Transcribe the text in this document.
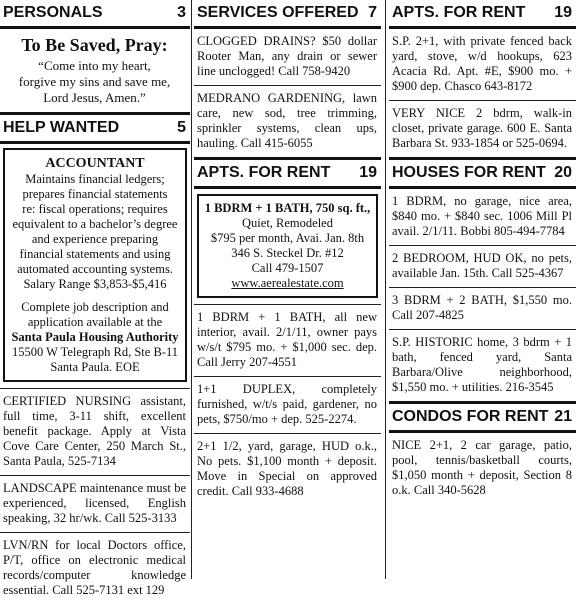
PERSONALS	3
To Be Saved, Pray:
“Come into my heart,
forgive my sins and save me,
Lord Jesus, Amen.”
HELP WANTED	5
ACCOUNTANT
Maintains financial ledgers;
prepares financial statements
re: fiscal operations; requires
equivalent to a bachelor’s degree
and experience preparing
financial statements and using
automated accounting systems.
Salary Range $3,853-$5,416
Complete job description and
application available at the
Santa Paula Housing Authority
15500 W Telegraph Rd, Ste B-11
Santa Paula. EOE
CERTIFIED NURSING assistant, full time, 3-11 shift, excellent benefit package. Apply at Vista Cove Care Center, 250 March St., Santa Paula, 525-7134
LANDSCAPE maintenance must be experienced, licensed, English speaking, 32 hr/wk. Call 525-3133
LVN/RN for local Doctors office, P/T, office on electronic medical records/computer knowledge essential. Call 525-7131 ext 129
SERVICES OFFERED 7
CLOGGED DRAINS? $50 dollar Rooter Man, any drain or sewer line unclogged! Call 758-9420
MEDRANO GARDENING, lawn care, new sod, tree trimming, sprinkler systems, clean ups, hauling. Call 415-6055
APTS. FOR RENT 19
1 BDRM + 1 BATH, 750 sq. ft.,
Quiet, Remodeled
$795 per month, Avai. Jan. 8th
346 S. Steckel Dr. #12
Call 479-1507
www.aerealestate.com
1 BDRM + 1 BATH, all new interior, avail. 2/1/11, owner pays w/s/t $795 mo. + $1,000 sec. dep. Call Jerry 207-4551
1+1 DUPLEX, completely furnished, w/t/s paid, gardener, no pets, $750/mo + dep. 525-2274.
2+1 1/2, yard, garage, HUD o.k., No pets. $1,100 month + deposit. Move in Special on approved credit. Call 933-4688
APTS. FOR RENT 19
S.P. 2+1, with private fenced back yard, stove, w/d hookups, 623 Acacia Rd. Apt. #E, $900 mo. + $900 dep. Chasco 643-8172
VERY NICE 2 bdrm, walk-in closet, private garage. 600 E. Santa Barbara St. 933-1854 or 525-0694.
HOUSES FOR RENT 20
1 BDRM, no garage, nice area, $840 mo. + $840 sec. 1006 Mill Pl avail. 2/1/11. Bobbi 805-494-7784
2 BEDROOM, HUD OK, no pets, available Jan. 15th. Call 525-4367
3 BDRM + 2 BATH, $1,550 mo. Call 207-4825
S.P. HISTORIC home, 3 bdrm + 1 bath, fenced yard, Santa Barbara/Olive neighborhood, $1,550 mo. + utilities. 216-3545
CONDOS FOR RENT 21
NICE 2+1, 2 car garage, patio, pool, tennis/basketball courts, $1,050 month + deposit, Section 8 o.k. Call 340-5628
